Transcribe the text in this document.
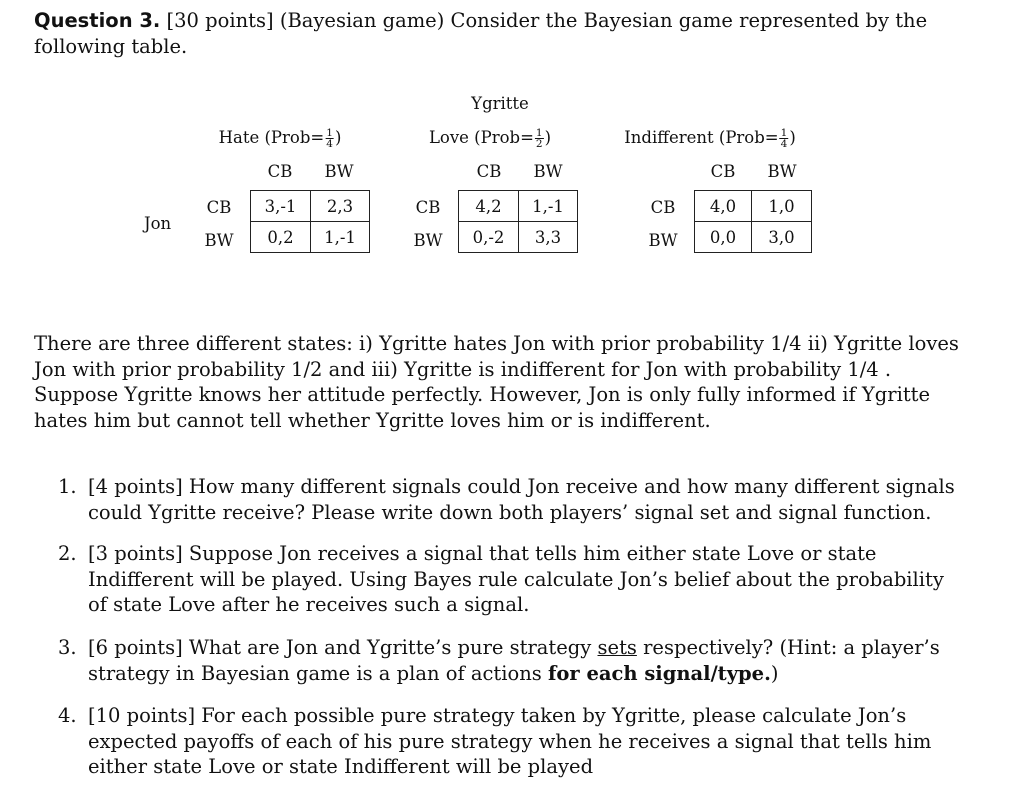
Question 3. [30 points] (Bayesian game) Consider the Bayesian game represented by the following table.
Ygritte
Jon
Hate (Prob= $\frac{1}{4}$ )
CB BW
CB
BW
3,-1	2,3
0,2	1,-1
Love (Prob= $\frac{1}{2}$ )
CB BW
CB
BW
4,2	1,-1
0,-2	3,3
Indifferent (Prob= $\frac{1}{4}$ )
CB BW
CB
BW
4,0	1,0
0,0	3,0
There are three different states: i) Ygritte hates Jon with prior probability 1/4 ii) Ygritte loves Jon with prior probability 1/2 and iii) Ygritte is indifferent for Jon with probability 1/4 . Suppose Ygritte knows her attitude perfectly. However, Jon is only fully informed if Ygritte hates him but cannot tell whether Ygritte loves him or is indifferent.
1. [4 points] How many different signals could Jon receive and how many different signals could Ygritte receive? Please write down both players’ signal set and signal function.
2. [3 points] Suppose Jon receives a signal that tells him either state Love or state Indifferent will be played. Using Bayes rule calculate Jon’s belief about the probability of state Love after he receives such a signal.
3. [6 points] What are Jon and Ygritte’s pure strategy sets respectively? (Hint: a player’s strategy in Bayesian game is a plan of actions for each signal/type.)
4. [10 points] For each possible pure strategy taken by Ygritte, please calculate Jon’s expected payoffs of each of his pure strategy when he receives a signal that tells him either state Love or state Indifferent will be played
